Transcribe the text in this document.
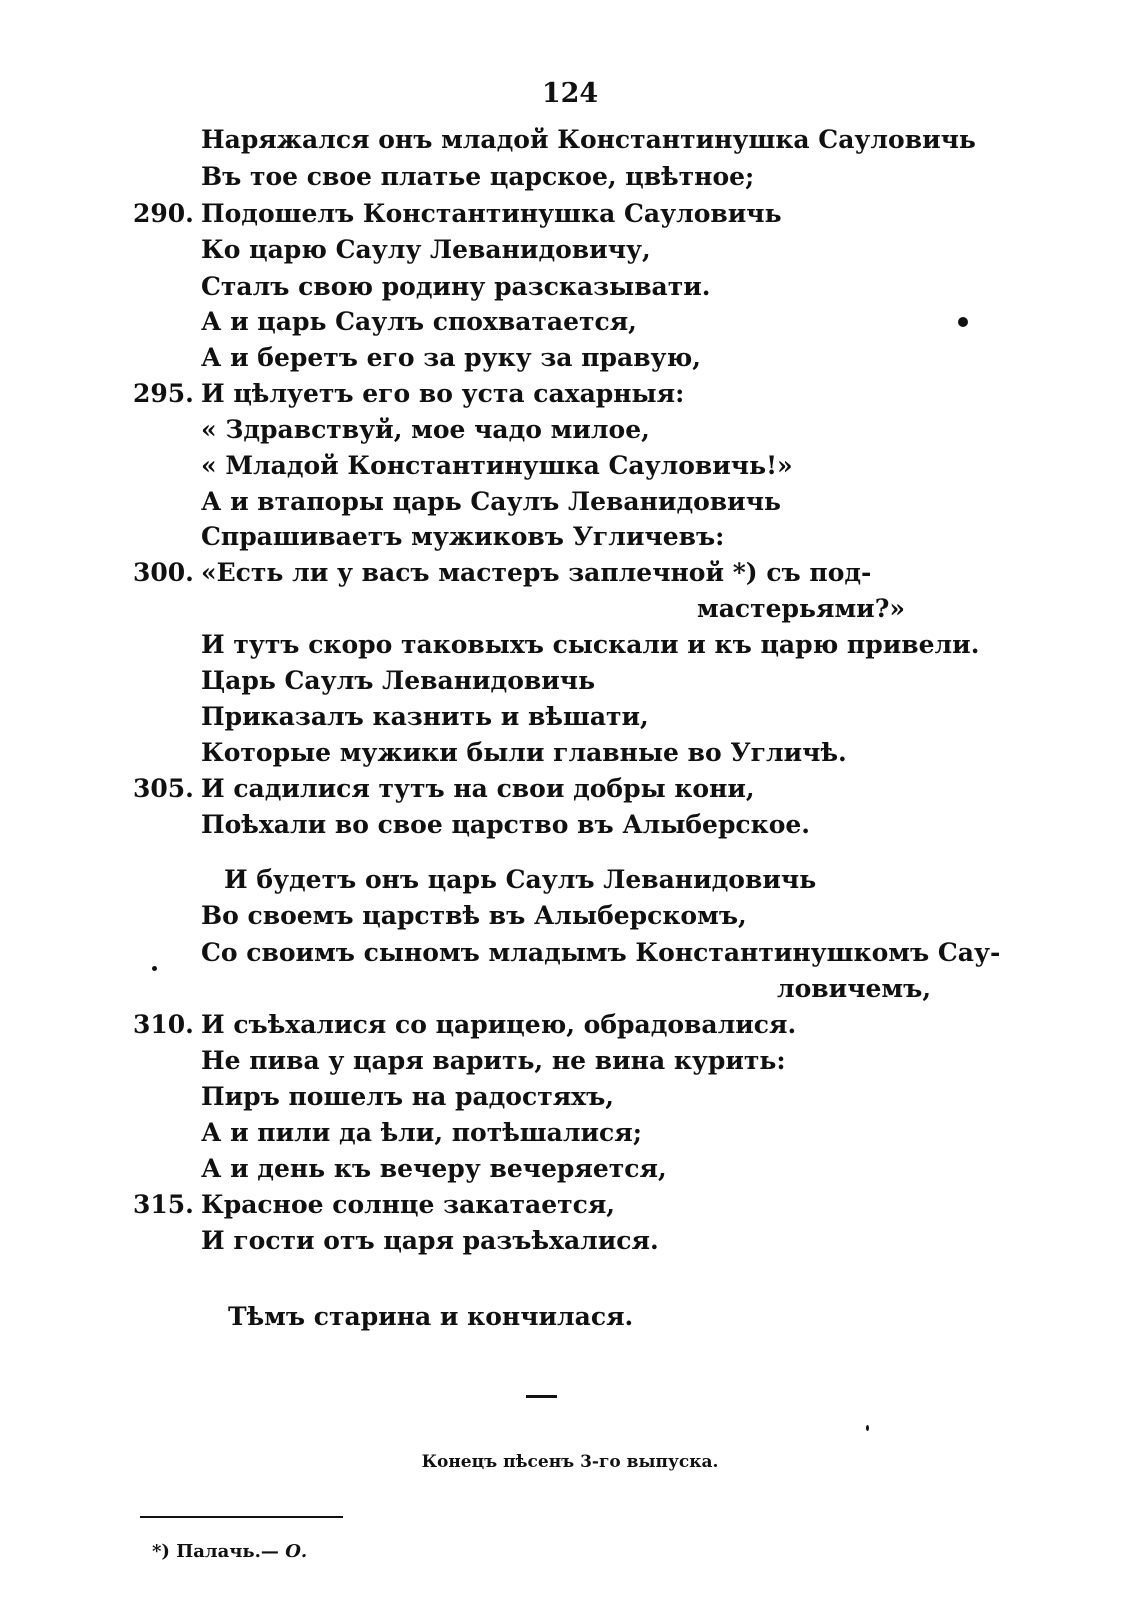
124
Наряжался онъ младой Константинушка Сауловичь
Въ тое свое платье царское, цвѣтное;
290. Подошелъ Константинушка Сауловичь
Ко царю Саулу Леванидовичу,
Сталъ свою родину разсказывати.
А и царь Саулъ спохватается,
А и беретъ его за руку за правую,
295. И цѣлуетъ его во уста сахарныя:
« Здравствуй, мое чадо милое,
« Младой Константинушка Сауловичь!»
А и втапоры царь Саулъ Леванидовичь
Спрашиваетъ мужиковъ Угличевъ:
300. «Есть ли у васъ мастеръ заплечной *) съ под-
мастерьями?»
И тутъ скоро таковыхъ сыскали и къ царю привели.
Царь Саулъ Леванидовичь
Приказалъ казнить и вѣшати,
Которые мужики были главные во Угличѣ.
305. И садилися тутъ на свои добры кони,
Поѣхали во свое царство въ Алыберское.
И будетъ онъ царь Саулъ Леванидовичь
Во своемъ царствѣ въ Алыберскомъ,
Со своимъ сыномъ младымъ Константинушкомъ Сау-
ловичемъ,
310. И съѣхалися со царицею, обрадовалися.
Не пива у царя варить, не вина курить:
Пиръ пошелъ на радостяхъ,
А и пили да ѣли, потѣшалися;
А и день къ вечеру вечеряется,
315. Красное солнце закатается,
И гости отъ царя разъѣхалися.
Тѣмъ старина и кончилася.
Конецъ пѣсенъ 3-го выпуска.
*) Палачь.— О.
